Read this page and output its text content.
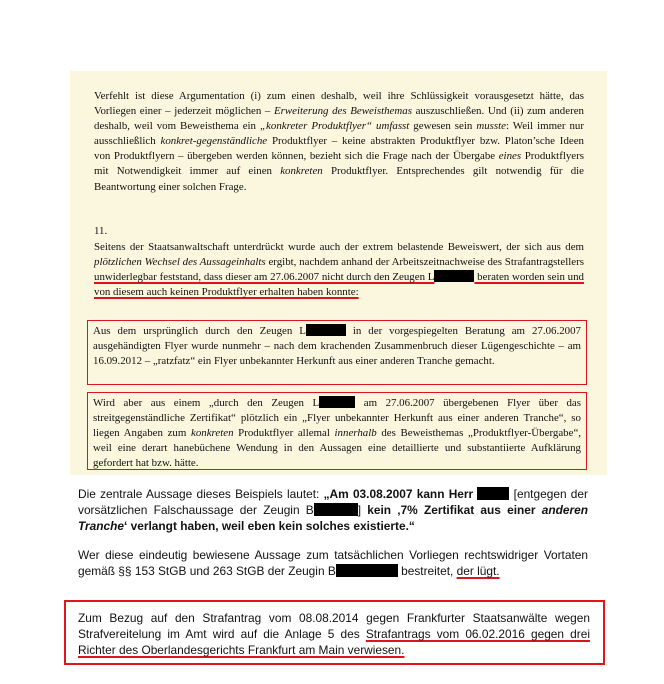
Verfehlt ist diese Argumentation (i) zum einen deshalb, weil ihre Schlüssigkeit vorausgesetzt hätte, das Vorliegen einer – jederzeit möglichen – Erweiterung des Beweisthemas auszuschließen. Und (ii) zum anderen deshalb, weil vom Beweisthema ein „konkreter Produktflyer“ umfasst gewesen sein musste: Weil immer nur ausschließlich konkret-gegenständliche Produktflyer – keine abstrakten Produktflyer bzw. Platon’sche Ideen von Produktflyern – übergeben werden können, bezieht sich die Frage nach der Übergabe eines Produktflyers mit Notwendigkeit immer auf einen konkreten Produktflyer. Entsprechendes gilt notwendig für die Beantwortung einer solchen Frage.

11.

Seitens der Staatsanwaltschaft unterdrückt wurde auch der extrem belastende Beweiswert, der sich aus dem plötzlichen Wechsel des Aussageinhalts ergibt, nachdem anhand der Arbeitszeitnachweise des Strafantragstellers unwiderlegbar feststand, dass dieser am 27.06.2007 nicht durch den Zeugen L	beraten worden sein und von diesem auch keinen Produktflyer erhalten haben konnte:

Aus dem ursprünglich durch den Zeugen L	in der vorgespiegelten Beratung am 27.06.2007 ausgehändigten Flyer wurde nunmehr – nach dem krachenden Zusammenbruch dieser Lügengeschichte – am 16.09.2012 – „ratzfatz“ ein Flyer unbekannter Herkunft aus einer anderen Tranche gemacht.

Wird aber aus einem „durch den Zeugen L	am 27.06.2007 übergebenen Flyer über das streitgegenständliche Zertifikat“ plötzlich ein „Flyer unbekannter Herkunft aus einer anderen Tranche“, so liegen Angaben zum konkreten Produktflyer allemal innerhalb des Beweisthemas „Produktflyer-Übergabe“, weil eine derart hanebüchene Wendung in den Aussagen eine detaillierte und substantiierte Aufklärung gefordert hat bzw. hätte.

Die zentrale Aussage dieses Beispiels lautet: „Am 03.08.2007 kann Herr	[entgegen der vorsätzlichen Falschaussage der Zeugin B	] kein ‚7% Zertifikat aus einer anderen Tranche‘ verlangt haben, weil eben kein solches existierte.“

Wer diese eindeutig bewiesene Aussage zum tatsächlichen Vorliegen rechtswidriger Vortaten gemäß §§ 153 StGB und 263 StGB der Zeugin B	bestreitet, der lügt.

Zum Bezug auf den Strafantrag vom 08.08.2014 gegen Frankfurter Staatsanwälte wegen Strafvereitelung im Amt wird auf die Anlage 5 des Strafantrags vom 06.02.2016 gegen drei Richter des Oberlandesgerichts Frankfurt am Main verwiesen.
